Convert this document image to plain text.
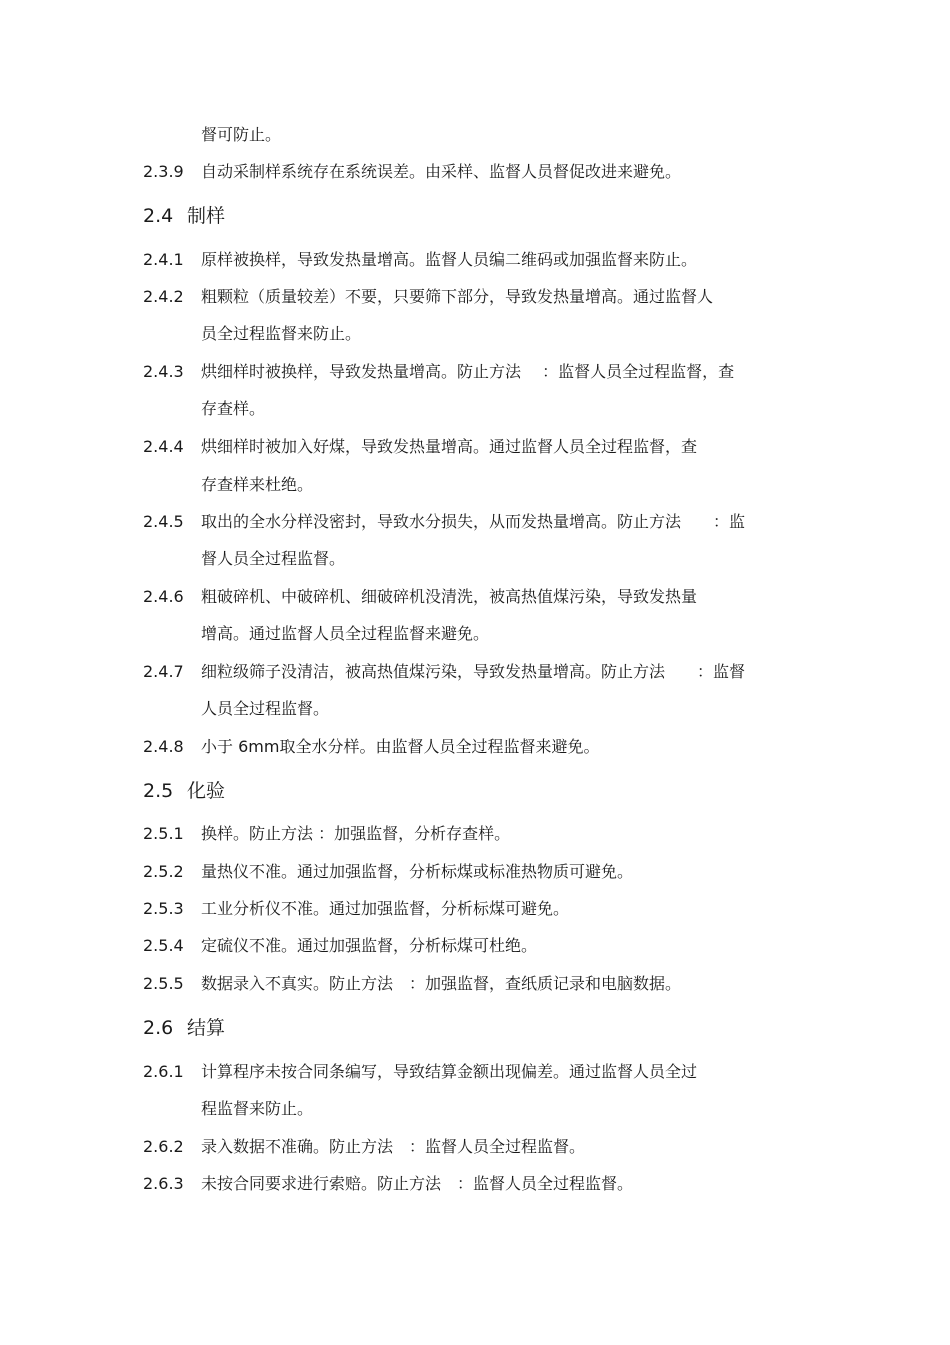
督可防止。
2.3.9 自动采制样系统存在系统误差。由采样、监督人员督促改进来避免。
2.4 制样
2.4.1 原样被换样，导致发热量增高。监督人员编二维码或加强监督来防止。
2.4.2 粗颗粒（质量较差）不要，只要筛下部分，导致发热量增高。通过监督人
员全过程监督来防止。
2.4.3 烘细样时被换样，导致发热量增高。防止方法　 ：监督人员全过程监督，查
存查样。
2.4.4 烘细样时被加入好煤，导致发热量增高。通过监督人员全过程监督，查
存查样来杜绝。
2.4.5 取出的全水分样没密封，导致水分损失，从而发热量增高。防止方法　　：监
督人员全过程监督。
2.4.6 粗破碎机、中破碎机、细破碎机没清洗，被高热值煤污染，导致发热量
增高。通过监督人员全过程监督来避免。
2.4.7 细粒级筛子没清洁，被高热值煤污染，导致发热量增高。防止方法　　：监督
人员全过程监督。
2.4.8 小于 6mm取全水分样。由监督人员全过程监督来避免。
2.5 化验
2.5.1 换样。防止方法 ：加强监督，分析存查样。
2.5.2 量热仪不准。通过加强监督，分析标煤或标准热物质可避免。
2.5.3 工业分析仪不准。通过加强监督，分析标煤可避免。
2.5.4 定硫仪不准。通过加强监督，分析标煤可杜绝。
2.5.5 数据录入不真实。防止方法　：加强监督，查纸质记录和电脑数据。
2.6 结算
2.6.1 计算程序未按合同条编写，导致结算金额出现偏差。通过监督人员全过
程监督来防止。
2.6.2 录入数据不准确。防止方法　：监督人员全过程监督。
2.6.3 未按合同要求进行索赔。防止方法　：监督人员全过程监督。
